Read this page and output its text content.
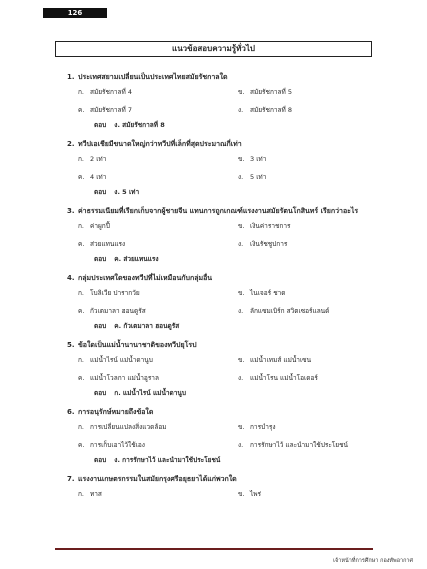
126
แนวข้อสอบความรู้ทั่วไป
1. ประเทศสยามเปลี่ยนเป็นประเทศไทยสมัยรัชกาลใด
ก. สมัยรัชกาลที่ 4	ข. สมัยรัชกาลที่ 5
ค. สมัยรัชกาลที่ 7	ง. สมัยรัชกาลที่ 8
ตอบ ง. สมัยรัชกาลที่ 8
2. ทวีปเอเชียมีขนาดใหญ่กว่าทวีปที่เล็กที่สุดประมาณกี่เท่า
ก. 2 เท่า	ข. 3 เท่า
ค. 4 เท่า	ง. 5 เท่า
ตอบ ง. 5 เท่า
3. ค่าธรรมเนียมที่เรียกเก็บจากผู้ชายจีน แทนการถูกเกณฑ์แรงงานสมัยรัตนโกสินทร์ เรียกว่าอะไร
ก. ค่าผูกปี้	ข. เงินค่าราชการ
ค. ส่วยแทนแรง	ง. เงินรัชชูปการ
ตอบ ค. ส่วยแทนแรง
4. กลุ่มประเทศใดของทวีปที่ไม่เหมือนกับกลุ่มอื่น
ก. โบลิเวีย ปารากวัย	ข. ไนเจอร์ ชาด
ค. กัวเตมาลา ฮอนดูรัส	ง. ลักแซมเบิร์ก สวิตเซอร์แลนด์
ตอบ ค. กัวเตมาลา ฮอนดูรัส
5. ข้อใดเป็นแม่น้ำนานาชาติของทวีปยุโรป
ก. แม่น้ำไรน์ แม่น้ำดานูบ	ข. แม่น้ำเทมส์ แม่น้ำเซน
ค. แม่น้ำโวลกา แม่น้ำอูราล	ง. แม่น้ำโรน แม่น้ำโอเดอร์
ตอบ ก. แม่น้ำไรน์ แม่น้ำดานูบ
6. การอนุรักษ์หมายถึงข้อใด
ก. การเปลี่ยนแปลงสิ่งแวดล้อม	ข. การบำรุง
ค. การเก็บเอาไว้ใช้เอง	ง. การรักษาไว้ และนำมาใช้ประโยชน์
ตอบ ง. การรักษาไว้ และนำมาใช้ประโยชน์
7. แรงงานเกษตรกรรมในสมัยกรุงศรีอยุธยาได้แก่พวกใด
ก. ทาส	ข. ไพร่
เจ้าหน้าที่การศึกษา กองทัพอากาศ
